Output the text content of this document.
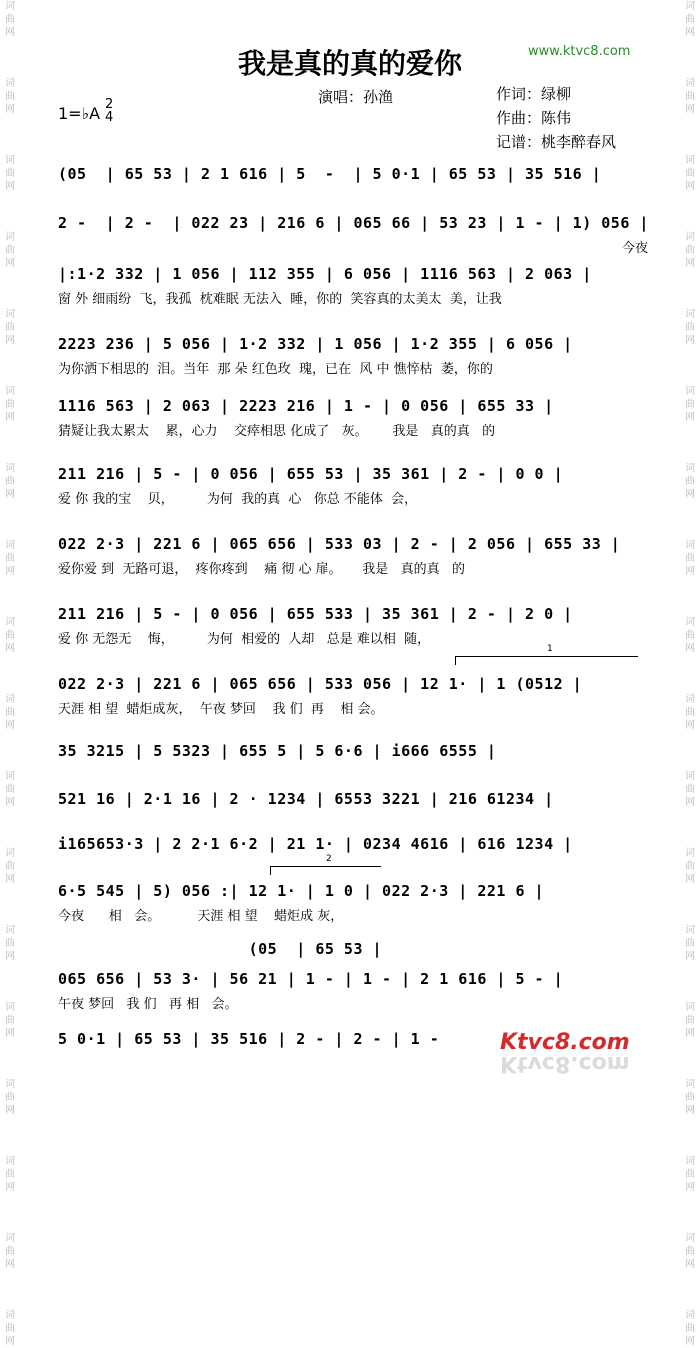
词
曲
网
词
曲
网
词
曲
网
词
曲
网
词
曲
网
词
曲
网
词
曲
网
词
曲
网
词
曲
网
词
曲
网
词
曲
网
词
曲
网
词
曲
网
词
曲
网
词
曲
网
词
曲
网
词
曲
网
词
曲
网
词
曲
网
词
曲
网
词
曲
网
词
曲
网
词
曲
网
词
曲
网
词
曲
网
词
曲
网
词
曲
网
词
曲
网
词
曲
网
词
曲
网
词
曲
网
词
曲
网
词
曲
网
词
曲
网
词
曲
网
词
曲
网
我是真的真的爱你	www.ktvc8.com
演唱：孙渔
1=♭A 2
4
作词：绿柳
作曲：陈伟
记谱：桃李醉春风
(05  | 65 53 | 2 1 616 | 5  -  | 5 0·1 | 65 53 | 35 516 |
2 -  | 2 -  | 022 23 | 216 6 | 065 66 | 53 23 | 1 - | 1) 056 |
今夜
|:1·2 332 | 1 056 | 112 355 | 6 056 | 1116 563 | 2 063 |
窗 外 细雨纷  飞，我孤  枕难眠 无法入  睡，你的  笑容真的太美太  美，让我
2223 236 | 5 056 | 1·2 332 | 1 056 | 1·2 355 | 6 056 |
为你洒下相思的  泪。当年  那 朵 红色玫  瑰，已在  风 中 憔悴枯  萎，你的
1116 563 | 2 063 | 2223 216 | 1 - | 0 056 | 655 33 |
猜疑让我太累太    累，心力    交瘁相思 化成了   灰。      我是   真的真   的
211 216 | 5 - | 0 056 | 655 53 | 35 361 | 2 - | 0 0 |
爱 你 我的宝    贝，        为何  我的真  心   你总 不能体  会，
022 2·3 | 221 6 | 065 656 | 533 03 | 2 - | 2 056 | 655 33 |
爱你爱 到  无路可退，  疼你疼到    痛 彻 心 扉。     我是   真的真   的
211 216 | 5 - | 0 056 | 655 533 | 35 361 | 2 - | 2 0 |
爱 你 无怨无    悔，        为何  相爱的  人却   总是 难以相  随，
022 2·3 | 221 6 | 065 656 | 533 056 | 12 1· | 1 (0512 |
天涯 相 望  蜡炬成灰，  午夜 梦回    我 们  再    相 会。
35 3215 | 5 5323 | 655 5 | 5 6·6 | i666 6555 |
521 16 | 2·1 16 | 2 · 1234 | 6553 3221 | 216 61234 |
i165653·3 | 2 2·1 6·2 | 21 1· | 0234 4616 | 616 1234 |
6·5 545 | 5) 056 :| 12 1· | 1 0 | 022 2·3 | 221 6 |
今夜      相   会。         天涯 相 望    蜡炬成 灰，
(05  | 65 53 |
065 656 | 53 3· | 56 21 | 1 - | 1 - | 2 1 616 | 5 - |
午夜 梦回   我 们   再 相   会。
5 0·1 | 65 53 | 35 516 | 2 - | 2 - | 1 -
1
2
Ktvc8.com
Ktvc8.com
